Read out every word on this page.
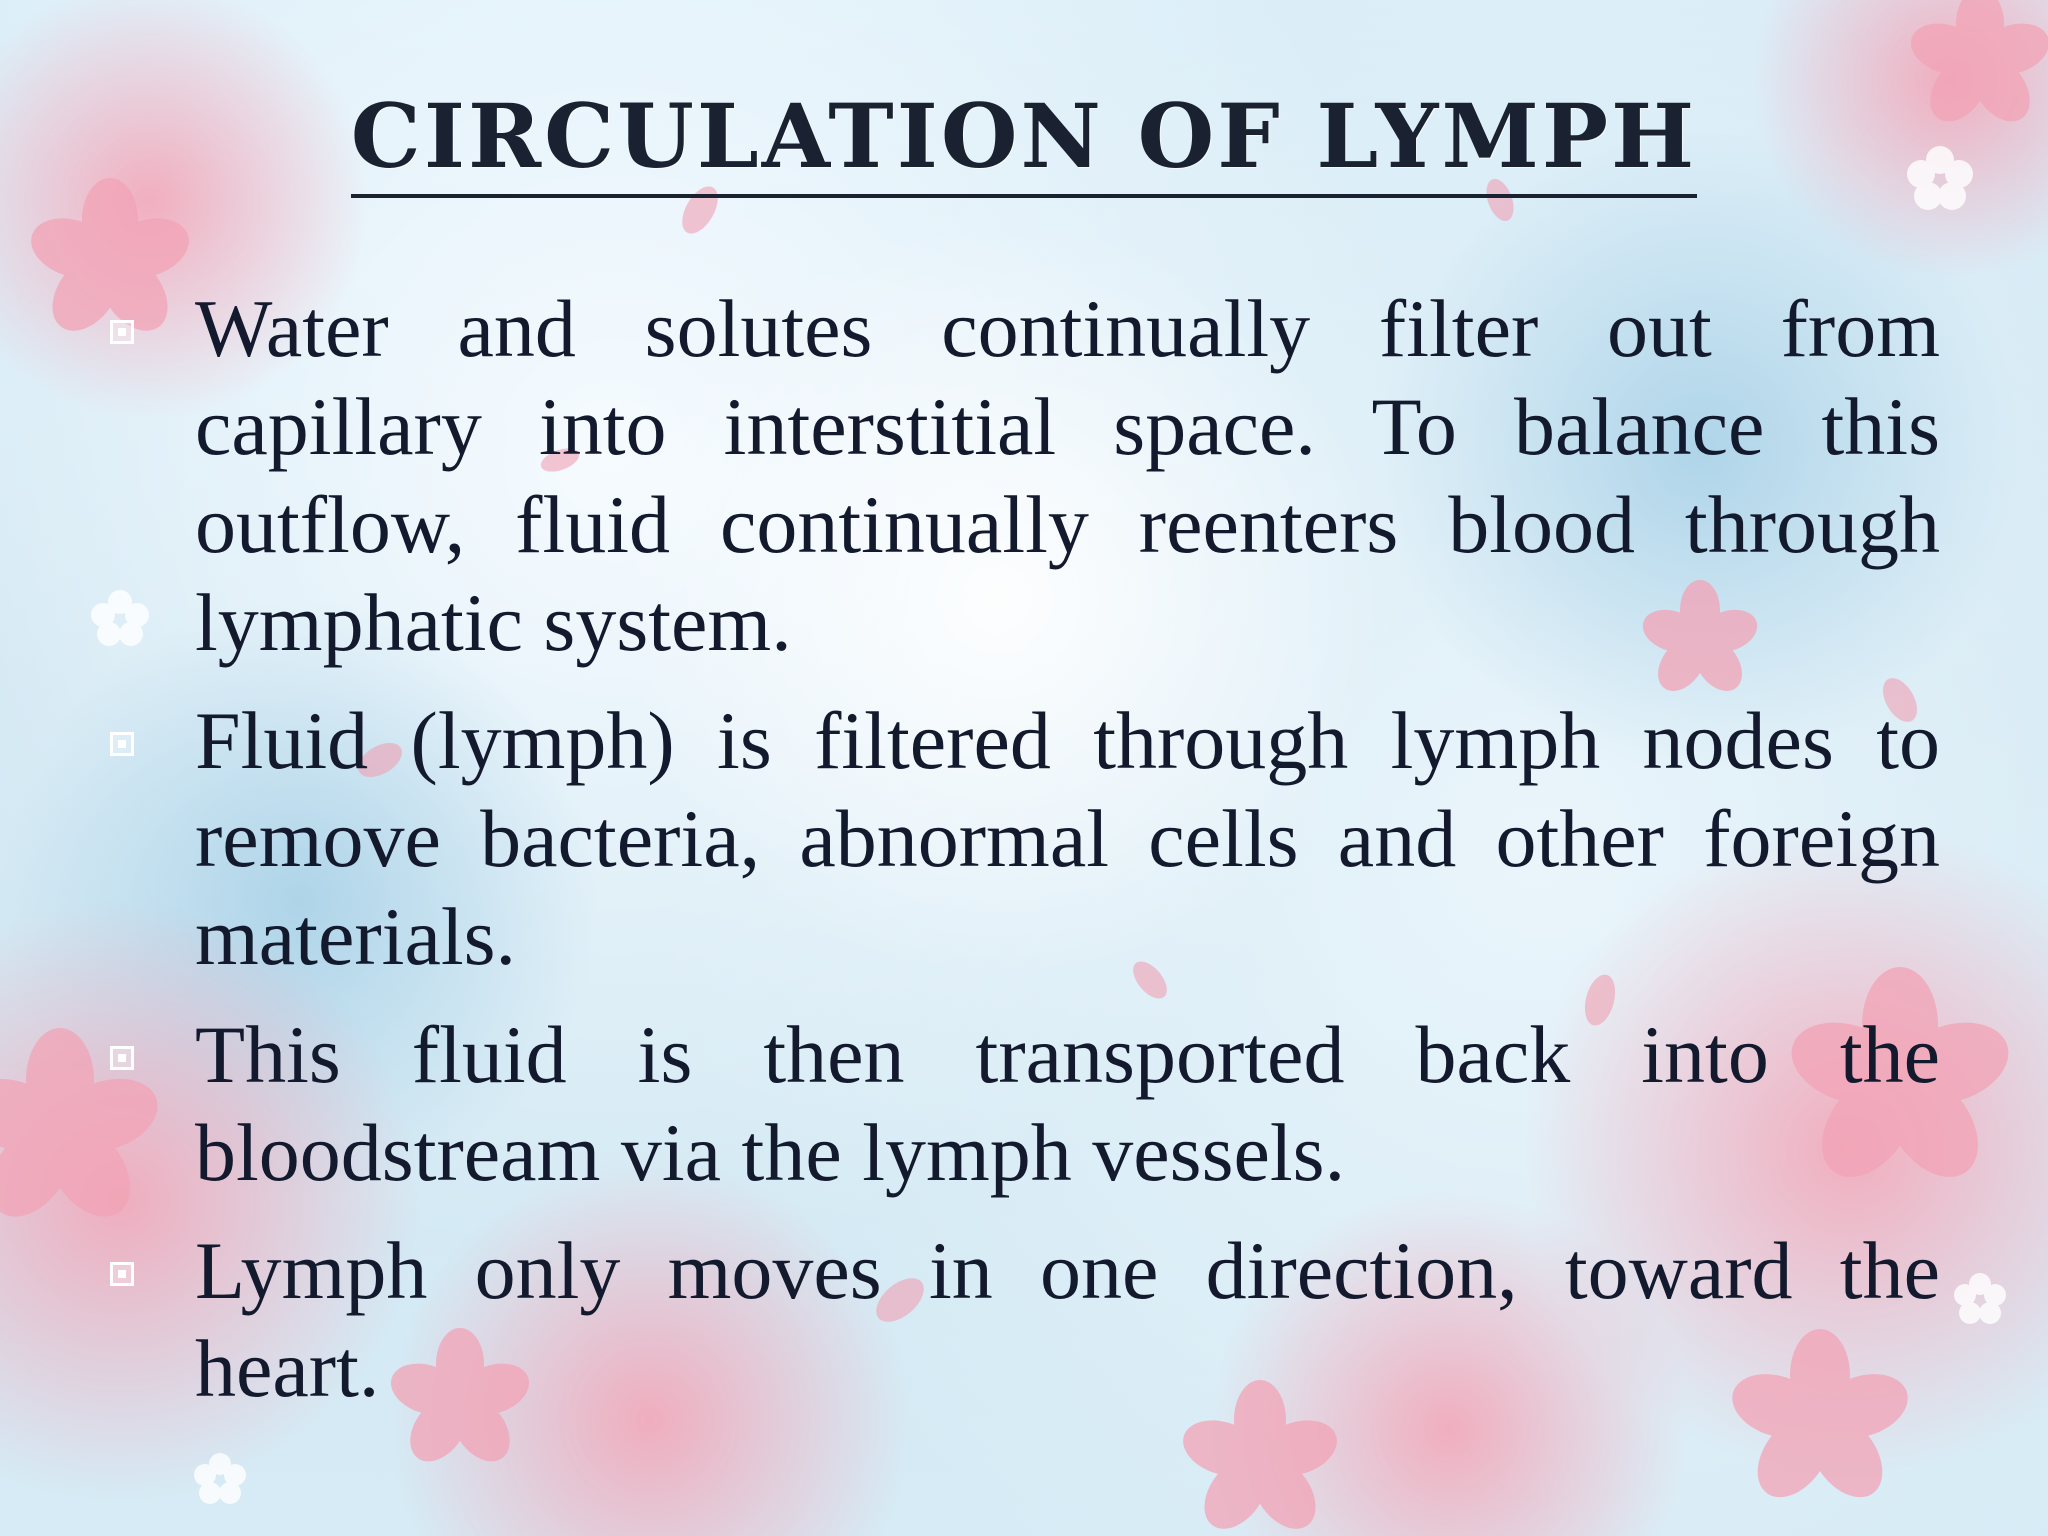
CIRCULATION OF LYMPH
Water and solutes continually filter out from capillary into interstitial space. To balance this outflow, fluid continually reenters blood through lymphatic system.
Fluid (lymph) is filtered through lymph nodes to remove bacteria, abnormal cells and other foreign materials.
This fluid is then transported back into the bloodstream via the lymph vessels.
Lymph only moves in one direction, toward the heart.
